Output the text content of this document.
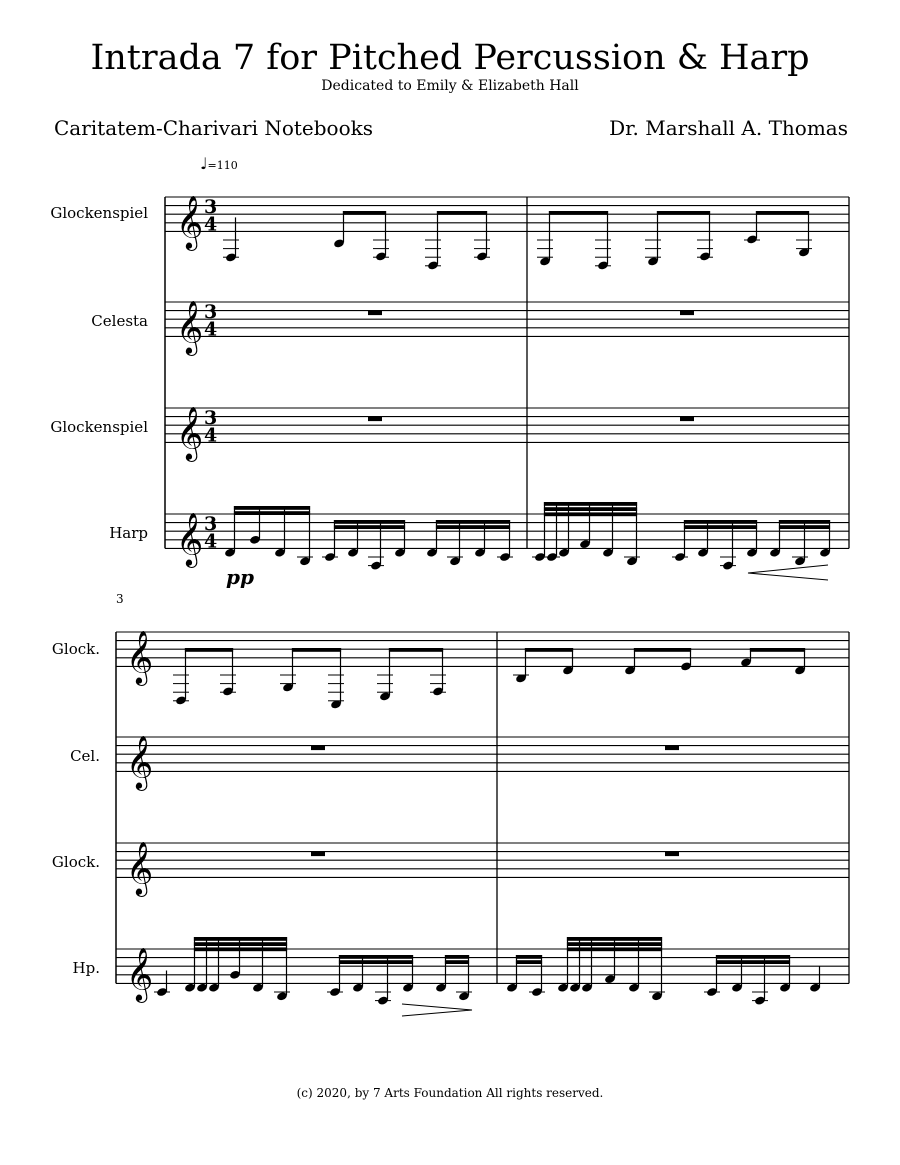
Intrada 7 for Pitched Percussion & Harp
Dedicated to Emily & Elizabeth Hall
Caritatem-Charivari Notebooks	Dr. Marshall A. Thomas
Glockenspiel
Celesta
Glockenspiel
Harp
Glock.
Cel.
Glock.
Hp.
♩=110
3
pp
𝄞 3
4
𝄞 3
4
𝄞 3
4
𝄞 3
4
𝄞
𝄞
𝄞
𝄞
(c) 2020, by 7 Arts Foundation All rights reserved.
